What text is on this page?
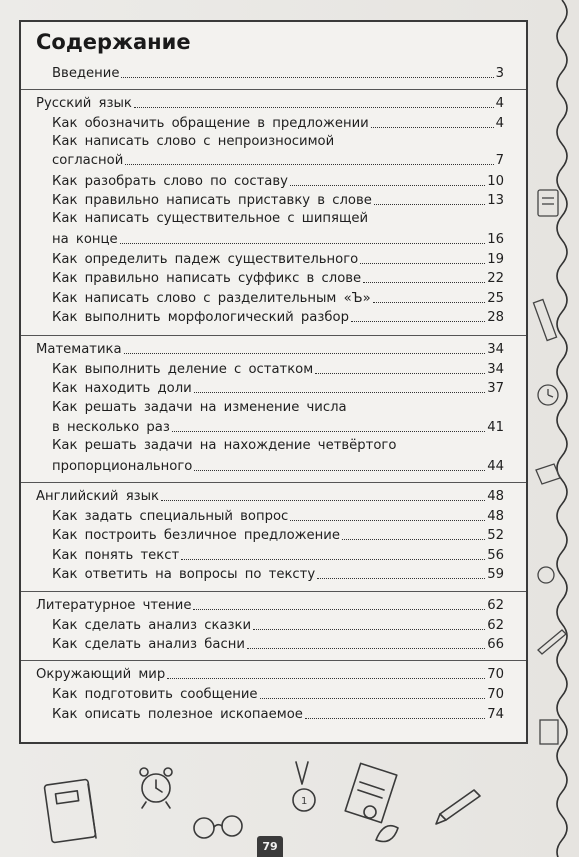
Содержание
Введение	3
Русский язык	4
Как обозначить обращение в предложении	4
Как написать слово с непроизносимой
согласной	7
Как разобрать слово по составу	10
Как правильно написать приставку в слове	13
Как написать существительное с шипящей
на конце	16
Как определить падеж существительного	19
Как правильно написать суффикс в слове	22
Как написать слово с разделительным «Ъ»	25
Как выполнить морфологический разбор	28
Математика	34
Как выполнить деление с остатком	34
Как находить доли	37
Как решать задачи на изменение числа
в несколько раз	41
Как решать задачи на нахождение четвёртого
пропорционального	44
Английский язык	48
Как задать специальный вопрос	48
Как построить безличное предложение	52
Как понять текст	56
Как ответить на вопросы по тексту	59
Литературное чтение	62
Как сделать анализ сказки	62
Как сделать анализ басни	66
Окружающий мир	70
Как подготовить сообщение	70
Как описать полезное ископаемое	74
1
79
